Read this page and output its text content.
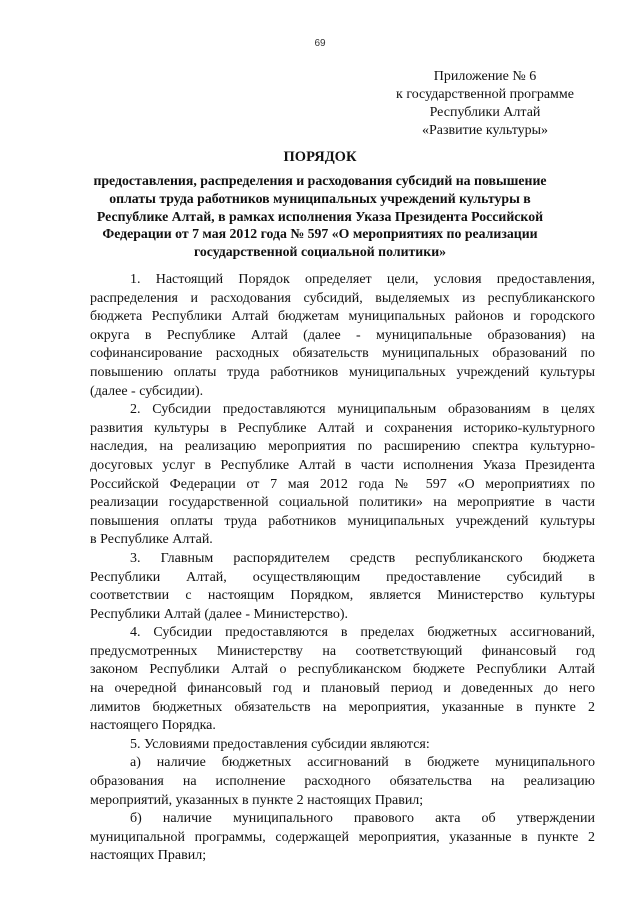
69
Приложение № 6
к государственной программе
Республики Алтай
«Развитие культуры»
ПОРЯДОК
предоставления, распределения и расходования субсидий на повышение
оплаты труда работников муниципальных учреждений культуры в
Республике Алтай, в рамках исполнения Указа Президента Российской
Федерации от 7 мая 2012 года № 597 «О мероприятиях по реализации
государственной социальной политики»
1. Настоящий Порядок определяет цели, условия предоставления,
распределения и расходования субсидий, выделяемых из республиканского
бюджета Республики Алтай бюджетам муниципальных районов и городского
округа в Республике Алтай (далее - муниципальные образования) на
софинансирование расходных обязательств муниципальных образований по
повышению оплаты труда работников муниципальных учреждений культуры
(далее - субсидии).
2. Субсидии предоставляются муниципальным образованиям в целях
развития культуры в Республике Алтай и сохранения историко-культурного
наследия, на реализацию мероприятия по расширению спектра культурно-
досуговых услуг в Республике Алтай в части исполнения Указа Президента
Российской Федерации от 7 мая 2012 года № 597 «О мероприятиях по
реализации государственной социальной политики» на мероприятие в части
повышения оплаты труда работников муниципальных учреждений культуры
в Республике Алтай.
3. Главным распорядителем средств республиканского бюджета
Республики Алтай, осуществляющим предоставление субсидий в
соответствии с настоящим Порядком, является Министерство культуры
Республики Алтай (далее - Министерство).
4. Субсидии предоставляются в пределах бюджетных ассигнований,
предусмотренных Министерству на соответствующий финансовый год
законом Республики Алтай о республиканском бюджете Республики Алтай
на очередной финансовый год и плановый период и доведенных до него
лимитов бюджетных обязательств на мероприятия, указанные в пункте 2
настоящего Порядка.
5. Условиями предоставления субсидии являются:
а) наличие бюджетных ассигнований в бюджете муниципального
образования на исполнение расходного обязательства на реализацию
мероприятий, указанных в пункте 2 настоящих Правил;
б) наличие муниципального правового акта об утверждении
муниципальной программы, содержащей мероприятия, указанные в пункте 2
настоящих Правил;
